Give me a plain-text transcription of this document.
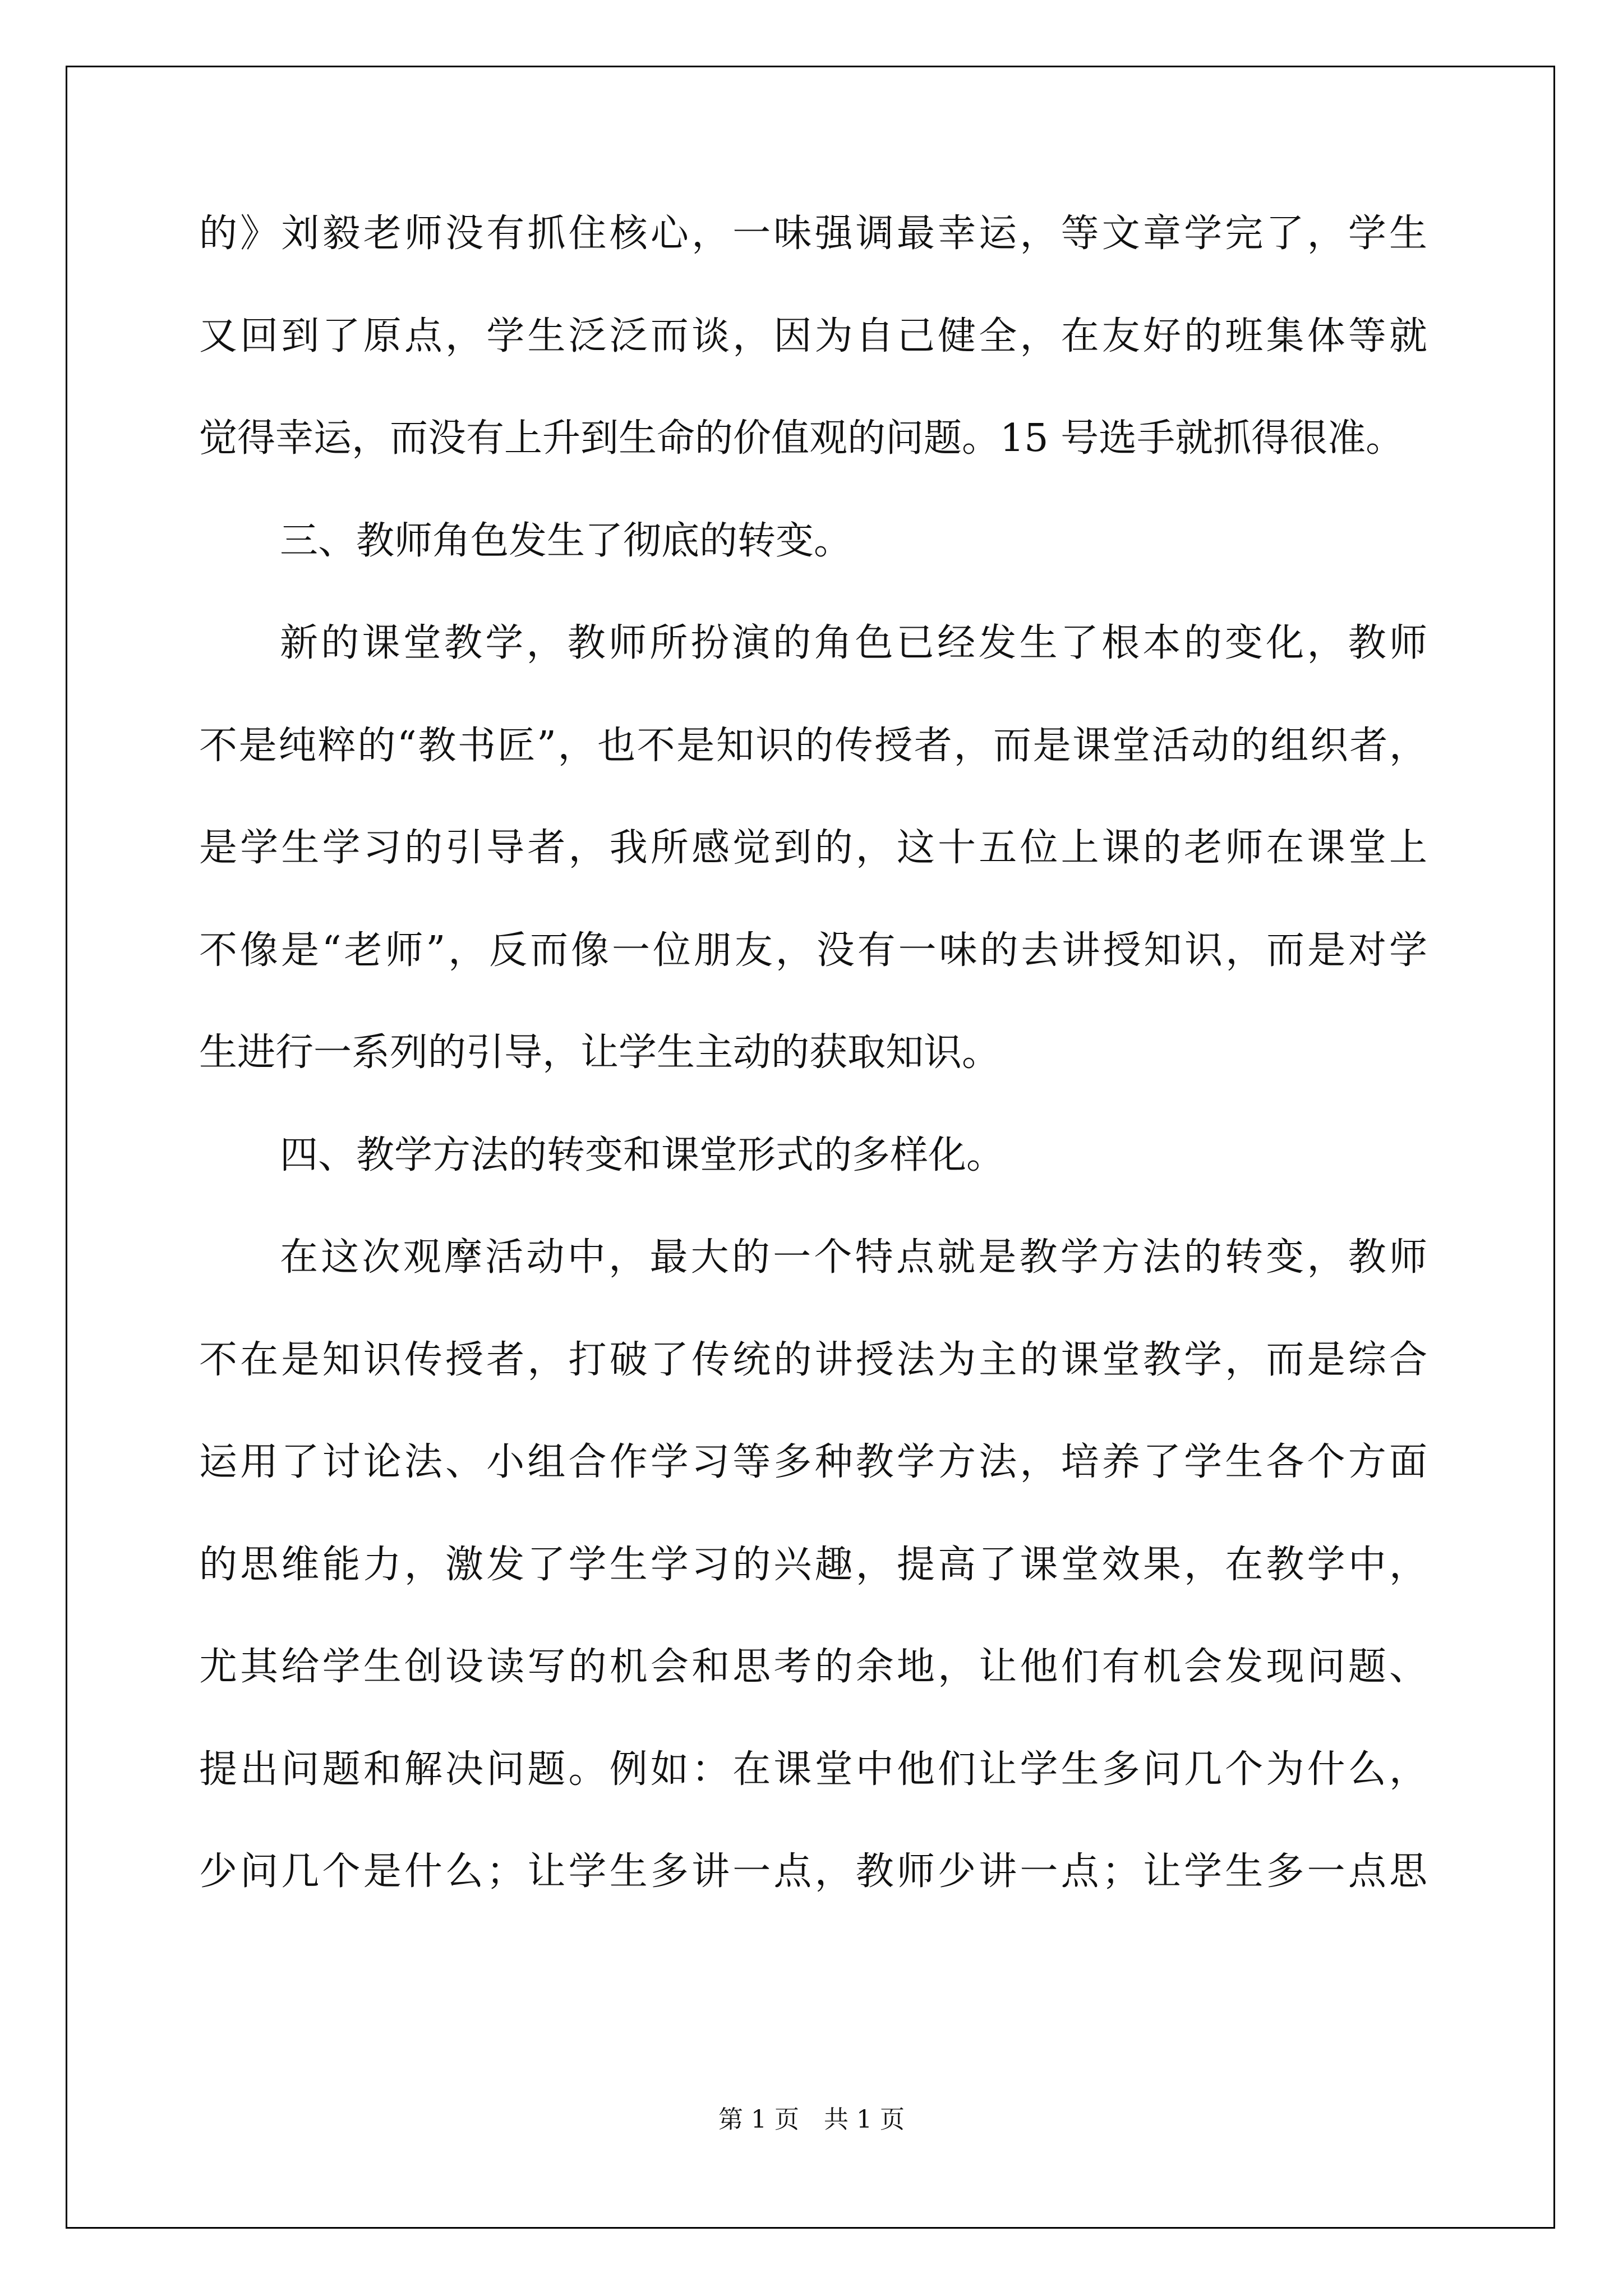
的》刘毅老师没有抓住核心，一味强调最幸运，等文章学完了，学生
又回到了原点，学生泛泛而谈，因为自己健全，在友好的班集体等就
觉得幸运，而没有上升到生命的价值观的问题。15 号选手就抓得很准。
三、教师角色发生了彻底的转变。
新的课堂教学，教师所扮演的角色已经发生了根本的变化，教师
不是纯粹的“教书匠”，也不是知识的传授者，而是课堂活动的组织者，
是学生学习的引导者，我所感觉到的，这十五位上课的老师在课堂上
不像是“老师”，反而像一位朋友，没有一味的去讲授知识，而是对学
生进行一系列的引导，让学生主动的获取知识。
四、教学方法的转变和课堂形式的多样化。
在这次观摩活动中，最大的一个特点就是教学方法的转变，教师
不在是知识传授者，打破了传统的讲授法为主的课堂教学，而是综合
运用了讨论法、小组合作学习等多种教学方法，培养了学生各个方面
的思维能力，激发了学生学习的兴趣，提高了课堂效果，在教学中，
尤其给学生创设读写的机会和思考的余地，让他们有机会发现问题、
提出问题和解决问题。例如：在课堂中他们让学生多问几个为什么，
少问几个是什么；让学生多讲一点，教师少讲一点；让学生多一点思
第 1 页　共 1 页
